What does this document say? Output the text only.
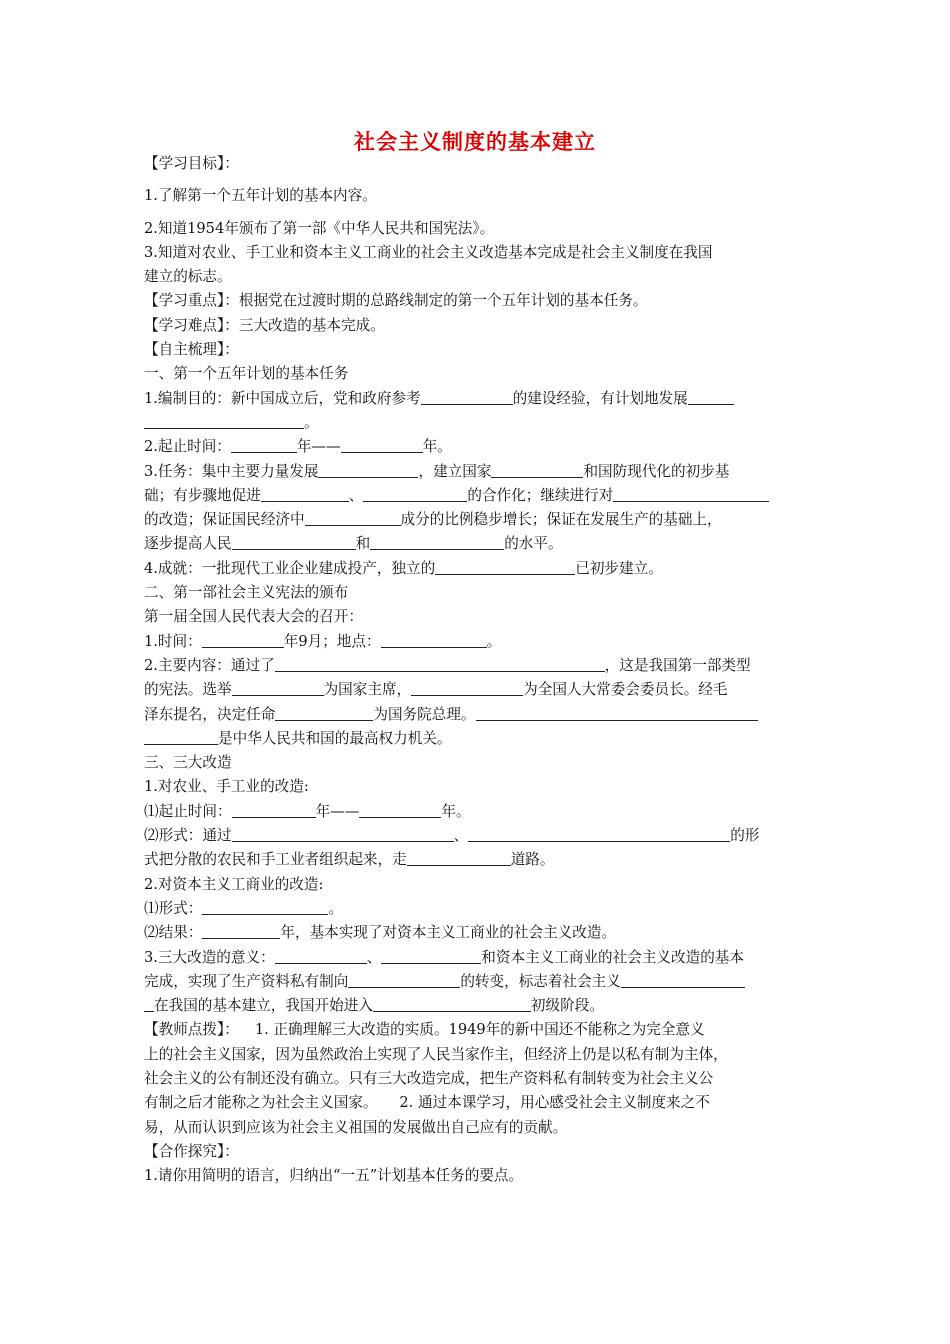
社会主义制度的基本建立
【学习目标】：
1.了解第一个五年计划的基本内容。
2.知道1954年颁布了第一部《中华人民共和国宪法》。
3.知道对农业、手工业和资本主义工商业的社会主义改造基本完成是社会主义制度在我国
建立的标志。
【学习重点】：根据党在过渡时期的总路线制定的第一个五年计划的基本任务。
【学习难点】：三大改造的基本完成。
【自主梳理】：
一、第一个五年计划的基本任务
1.编制目的：新中国成立后，党和政府参考	的建设经验，有计划地发展
。
2.起止时间：	年——	年。
3.任务：集中主要力量发展	，建立国家	和国防现代化的初步基
础；有步骤地促进	、	的合作化；继续进行对
的改造；保证国民经济中	成分的比例稳步增长；保证在发展生产的基础上，
逐步提高人民	和	的水平。
4.成就：一批现代工业企业建成投产，独立的	已初步建立。
二、第一部社会主义宪法的颁布
第一届全国人民代表大会的召开：
1.时间：	年9月；地点：	。
2.主要内容：通过了	，这是我国第一部类型
的宪法。选举	为国家主席，	为全国人大常委会委员长。经毛
泽东提名，决定任命	为国务院总理。
是中华人民共和国的最高权力机关。
三、三大改造
1.对农业、手工业的改造:
⑴起止时间：	年——	年。
⑵形式：通过	、	的形
式把分散的农民和手工业者组织起来，走	道路。
2.对资本主义工商业的改造:
⑴形式：	。
⑵结果：	年，基本实现了对资本主义工商业的社会主义改造。
3.三大改造的意义：	、	和资本主义工商业的社会主义改造的基本
完成，实现了生产资料私有制向	的转变，标志着社会主义
在我国的基本建立，我国开始进入	初级阶段。
【教师点拨】： 1. 正确理解三大改造的实质。1949年的新中国还不能称之为完全意义
上的社会主义国家，因为虽然政治上实现了人民当家作主，但经济上仍是以私有制为主体，
社会主义的公有制还没有确立。只有三大改造完成，把生产资料私有制转变为社会主义公
有制之后才能称之为社会主义国家。　　2. 通过本课学习，用心感受社会主义制度来之不
易，从而认识到应该为社会主义祖国的发展做出自己应有的贡献。
【合作探究】：
1.请你用简明的语言，归纳出“一五”计划基本任务的要点。
